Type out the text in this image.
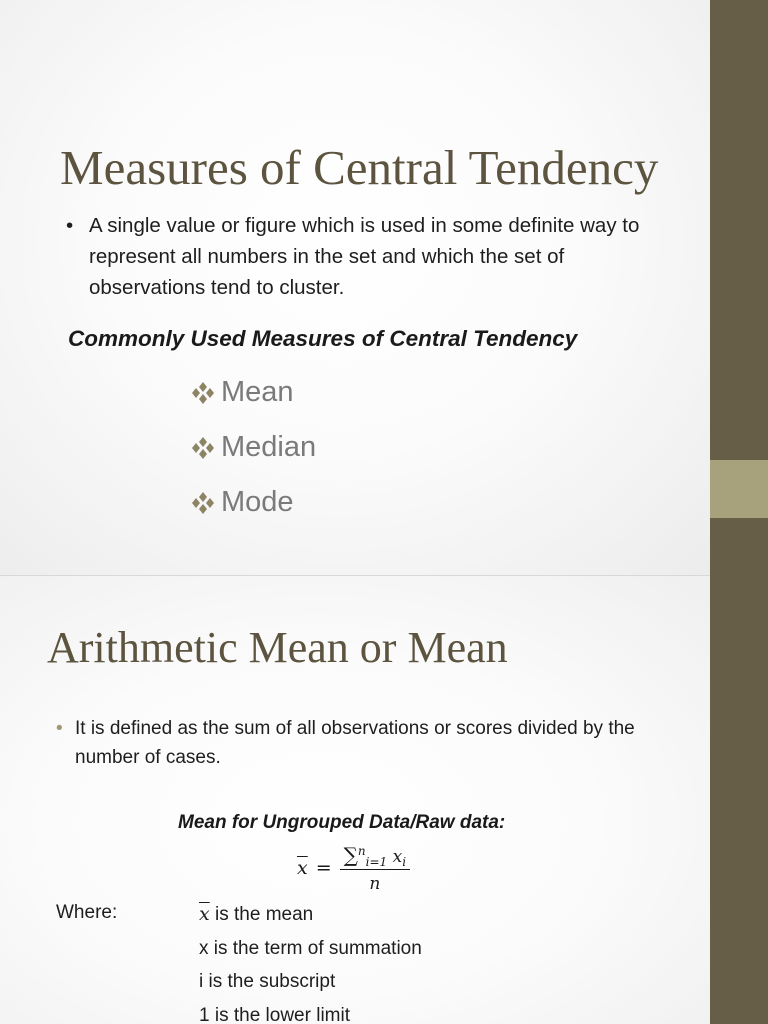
Measures of Central Tendency
• A single value or figure which is used in some definite way to represent all numbers in the set and which the set of observations tend to cluster.
Commonly Used Measures of Central Tendency
Mean
Median
Mode
Arithmetic Mean or Mean
• It is defined as the sum of all observations or scores divided by the number of cases.
Mean for Ungrouped Data/Raw data:
$\overline{x} = \frac{\sum^n_{i=1} x_i}{n}$

Where:	$\overline{x}$ is the mean
x is the term of summation
i is the subscript
1 is the lower limit
